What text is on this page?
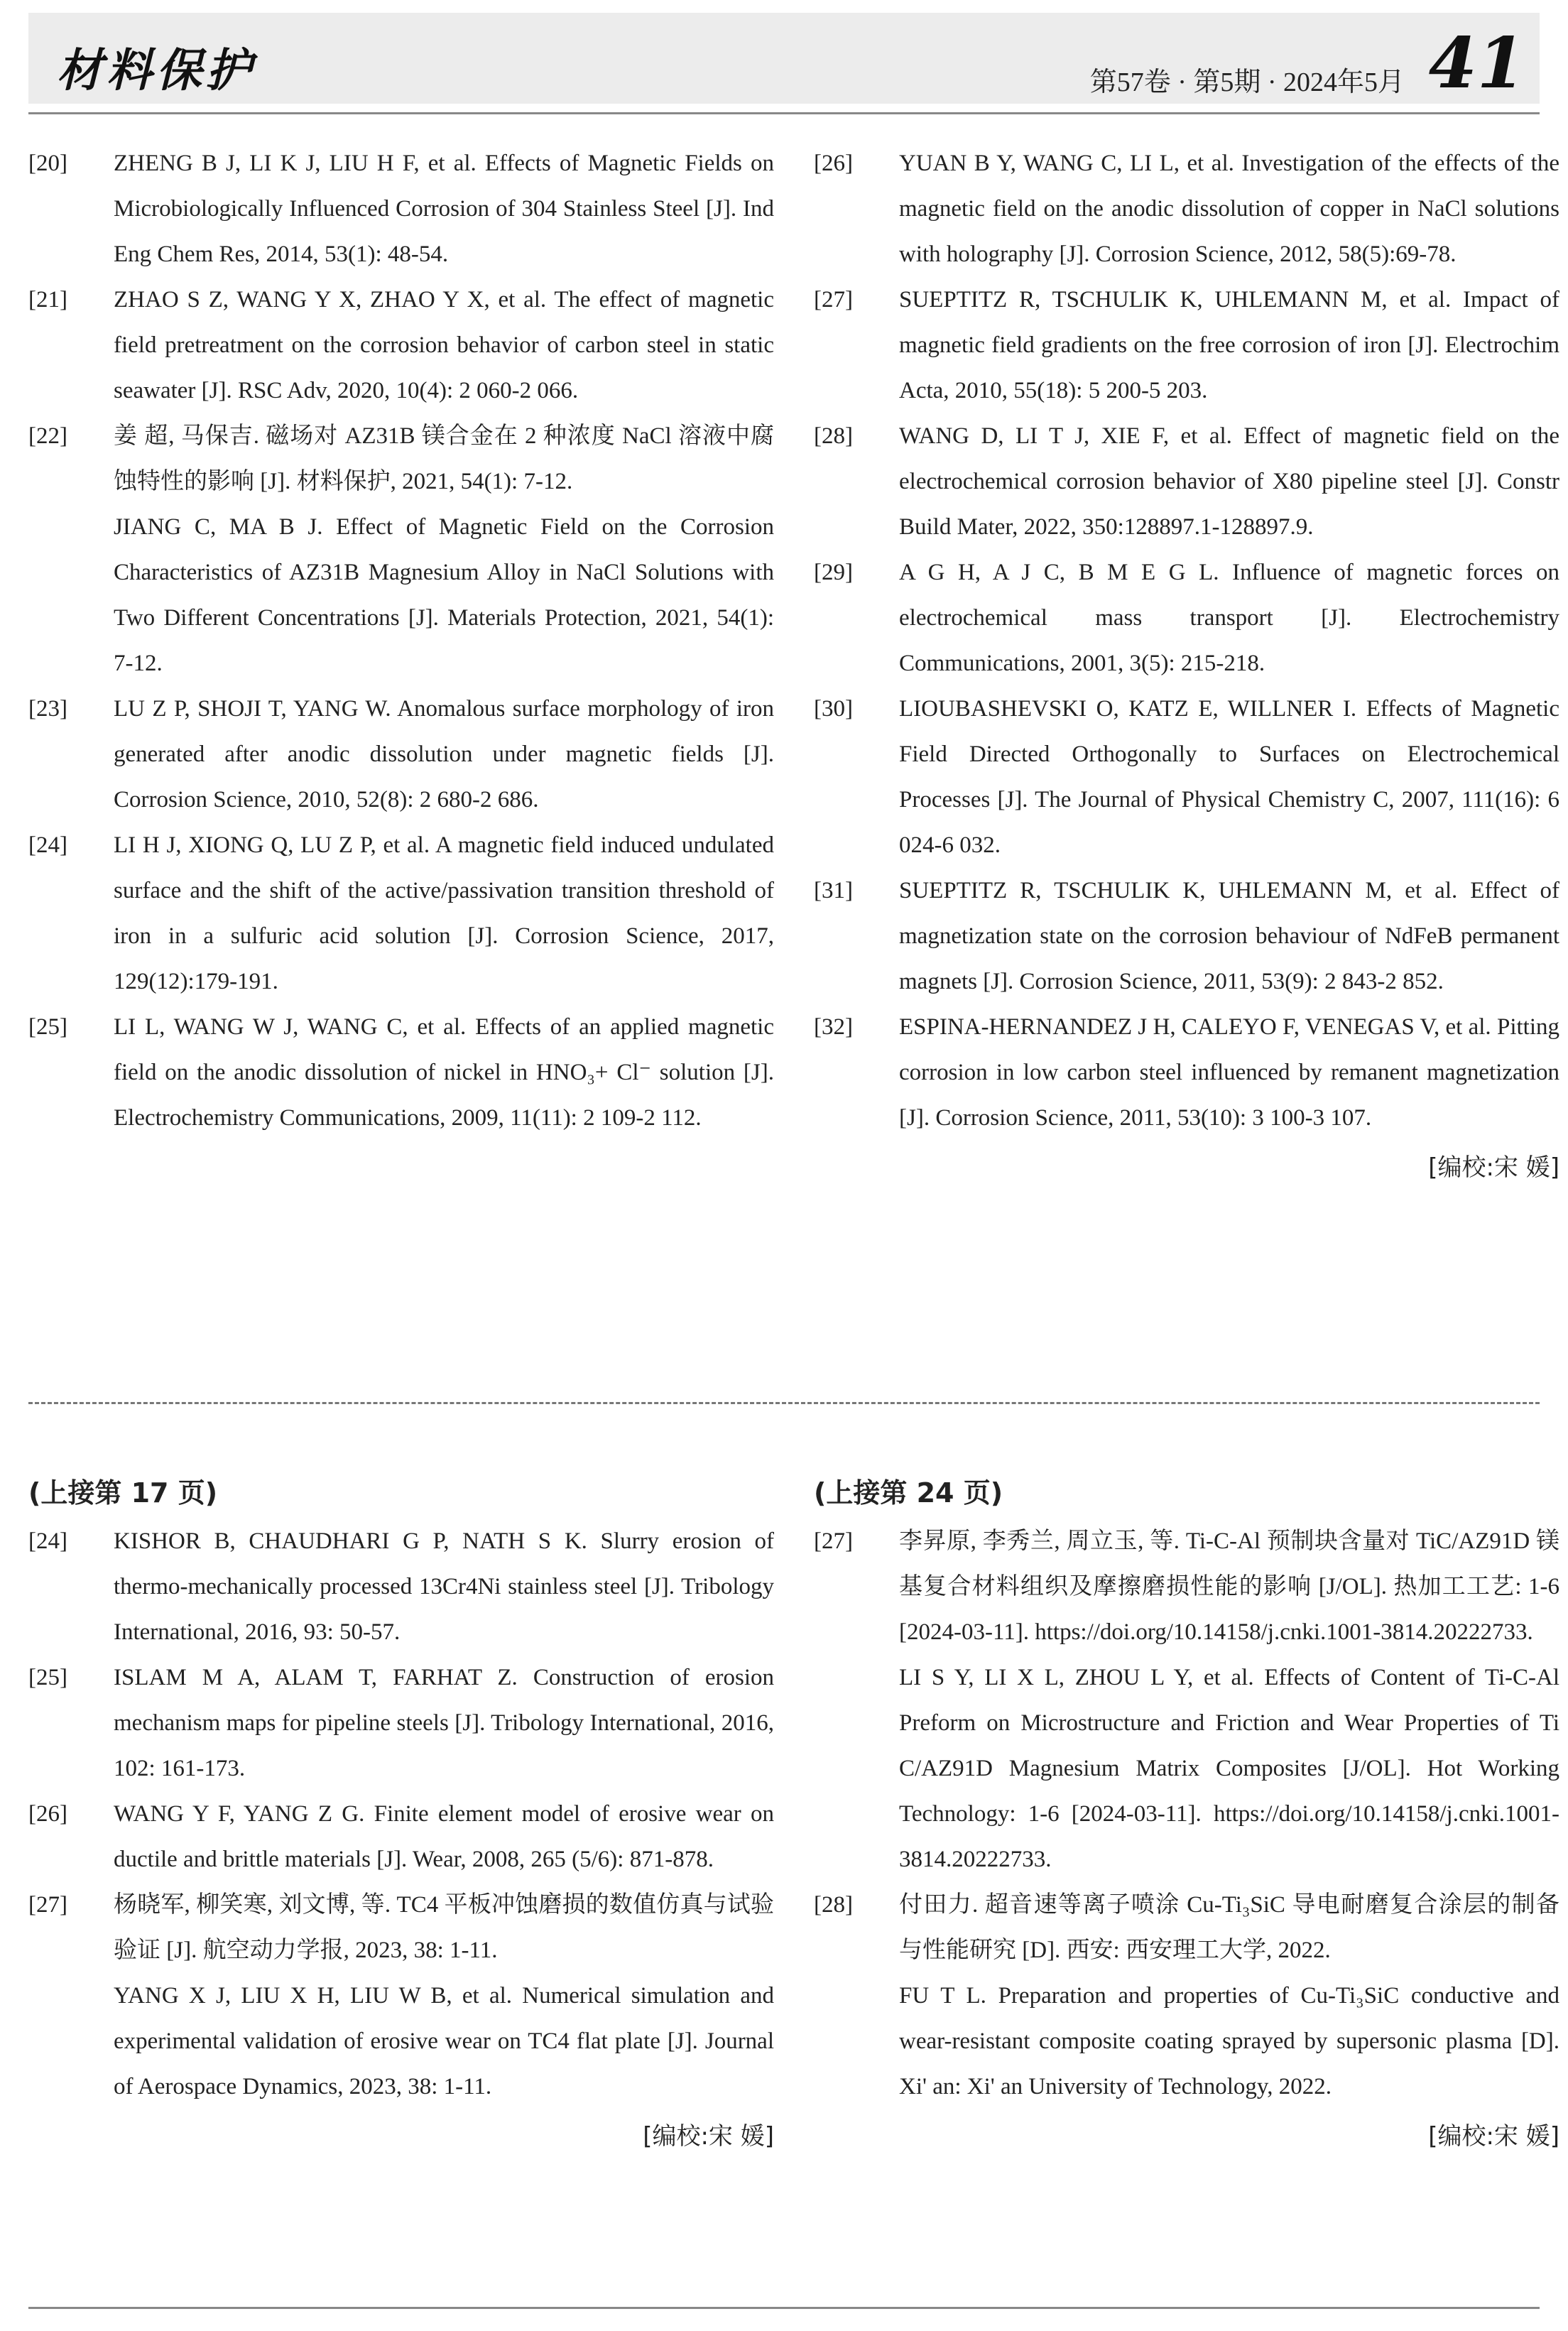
材料保护	第57卷 · 第5期 · 2024年5月 41
[20]	ZHENG B J, LI K J, LIU H F, et al. Effects of Magnetic Fields on Microbiologically Influenced Corrosion of 304 Stainless Steel [J]. Ind Eng Chem Res, 2014, 53(1): 48-54.
[21]	ZHAO S Z, WANG Y X, ZHAO Y X, et al. The effect of magnetic field pretreatment on the corrosion behavior of carbon steel in static seawater [J]. RSC Adv, 2020, 10(4): 2 060-2 066.
[22]	姜 超, 马保吉. 磁场对 AZ31B 镁合金在 2 种浓度 NaCl 溶液中腐蚀特性的影响 [J]. 材料保护, 2021, 54(1): 7-12.
JIANG C, MA B J. Effect of Magnetic Field on the Corrosion Characteristics of AZ31B Magnesium Alloy in NaCl Solutions with Two Different Concentrations [J]. Materials Protection, 2021, 54(1): 7-12.
[23]	LU Z P, SHOJI T, YANG W. Anomalous surface morphology of iron generated after anodic dissolution under magnetic fields [J]. Corrosion Science, 2010, 52(8): 2 680-2 686.
[24]	LI H J, XIONG Q, LU Z P, et al. A magnetic field induced undulated surface and the shift of the active/passivation transition threshold of iron in a sulfuric acid solution [J]. Corrosion Science, 2017, 129(12):179-191.
[25]	LI L, WANG W J, WANG C, et al. Effects of an applied magnetic field on the anodic dissolution of nickel in HNO₃+ Cl⁻ solution [J]. Electrochemistry Communications, 2009, 11(11): 2 109-2 112.
[26]	YUAN B Y, WANG C, LI L, et al. Investigation of the effects of the magnetic field on the anodic dissolution of copper in NaCl solutions with holography [J]. Corrosion Science, 2012, 58(5):69-78.
[27]	SUEPTITZ R, TSCHULIK K, UHLEMANN M, et al. Impact of magnetic field gradients on the free corrosion of iron [J]. Electrochim Acta, 2010, 55(18): 5 200-5 203.
[28]	WANG D, LI T J, XIE F, et al. Effect of magnetic field on the electrochemical corrosion behavior of X80 pipeline steel [J]. Constr Build Mater, 2022, 350:128897.1-128897.9.
[29]	A G H, A J C, B M E G L. Influence of magnetic forces on electrochemical mass transport [J]. Electrochemistry Communications, 2001, 3(5): 215-218.
[30]	LIOUBASHEVSKI O, KATZ E, WILLNER I. Effects of Magnetic Field Directed Orthogonally to Surfaces on Electrochemical Processes [J]. The Journal of Physical Chemistry C, 2007, 111(16): 6 024-6 032.
[31]	SUEPTITZ R, TSCHULIK K, UHLEMANN M, et al. Effect of magnetization state on the corrosion behaviour of NdFeB permanent magnets [J]. Corrosion Science, 2011, 53(9): 2 843-2 852.
[32]	ESPINA-HERNANDEZ J H, CALEYO F, VENEGAS V, et al. Pitting corrosion in low carbon steel influenced by remanent magnetization [J]. Corrosion Science, 2011, 53(10): 3 100-3 107.
[编校:宋 媛]
(上接第 17 页)
[24]	KISHOR B, CHAUDHARI G P, NATH S K. Slurry erosion of thermo-mechanically processed 13Cr4Ni stainless steel [J]. Tribology International, 2016, 93: 50-57.
[25]	ISLAM M A, ALAM T, FARHAT Z. Construction of erosion mechanism maps for pipeline steels [J]. Tribology International, 2016, 102: 161-173.
[26]	WANG Y F, YANG Z G. Finite element model of erosive wear on ductile and brittle materials [J]. Wear, 2008, 265 (5/6): 871-878.
[27]	杨晓军, 柳笑寒, 刘文博, 等. TC4 平板冲蚀磨损的数值仿真与试验验证 [J]. 航空动力学报, 2023, 38: 1-11.
YANG X J, LIU X H, LIU W B, et al. Numerical simulation and experimental validation of erosive wear on TC4 flat plate [J]. Journal of Aerospace Dynamics, 2023, 38: 1-11.
[编校:宋 媛]
(上接第 24 页)
[27]	李昇原, 李秀兰, 周立玉, 等. Ti-C-Al 预制块含量对 TiC/AZ91D 镁基复合材料组织及摩擦磨损性能的影响 [J/OL]. 热加工工艺: 1-6 [2024-03-11]. https://doi.org/10.14158/j.cnki.1001-3814.20222733.
LI S Y, LI X L, ZHOU L Y, et al. Effects of Content of Ti-C-Al Preform on Microstructure and Friction and Wear Properties of Ti C/AZ91D Magnesium Matrix Composites [J/OL]. Hot Working Technology: 1-6 [2024-03-11]. https://doi.org/10.14158/j.cnki.1001-3814.20222733.
[28]	付田力. 超音速等离子喷涂 Cu-Ti₃SiC 导电耐磨复合涂层的制备与性能研究 [D]. 西安: 西安理工大学, 2022.
FU T L. Preparation and properties of Cu-Ti₃SiC conductive and wear-resistant composite coating sprayed by supersonic plasma [D]. Xi' an: Xi' an University of Technology, 2022.
[编校:宋 媛]
